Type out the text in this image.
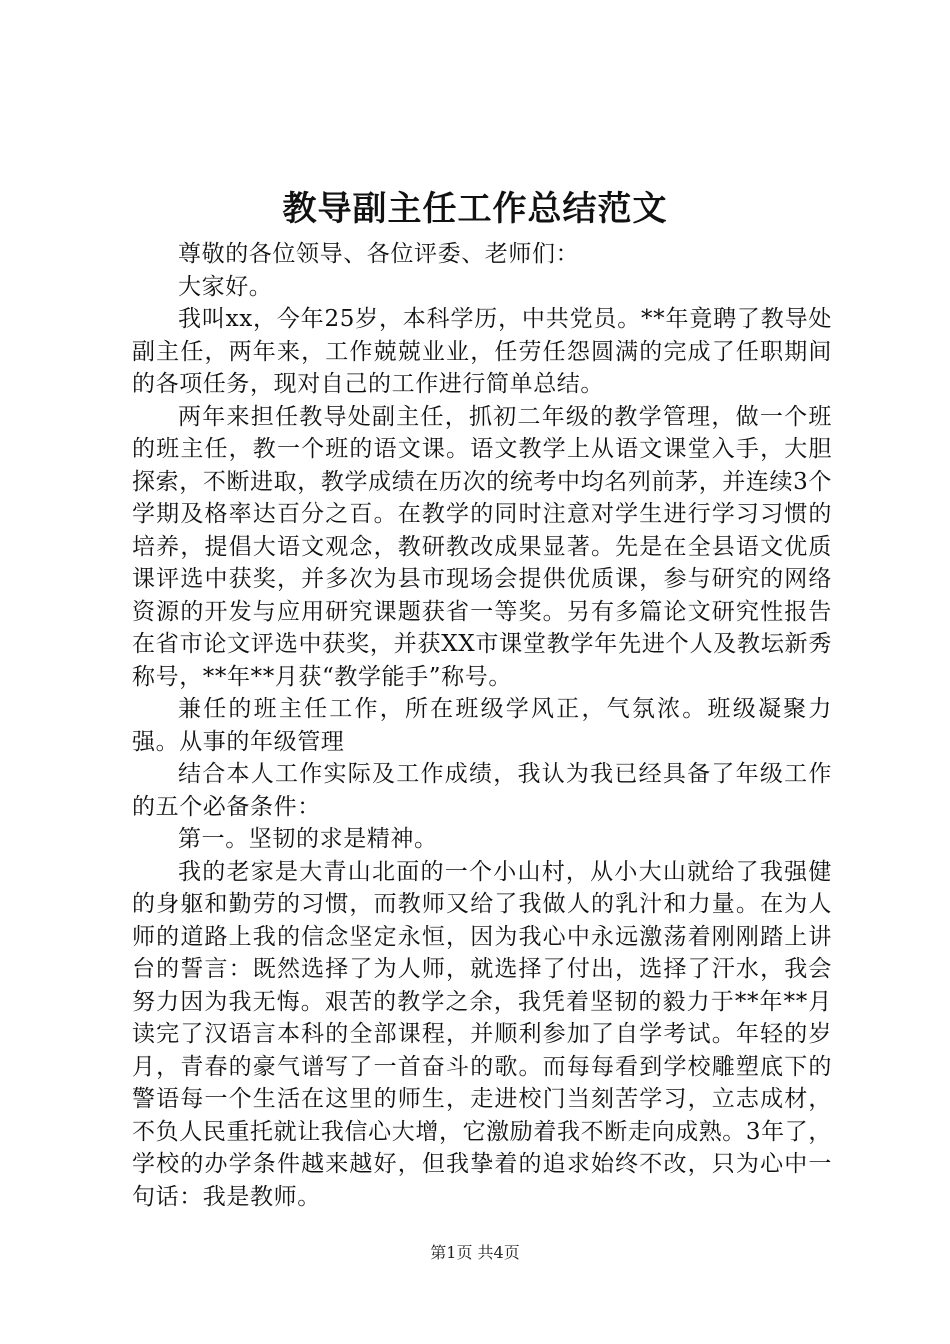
教导副主任工作总结范文

尊敬的各位领导、各位评委、老师们：

大家好。

我叫xx，今年25岁，本科学历，中共党员。**年竟聘了教导处副主任，两年来，工作兢兢业业，任劳任怨圆满的完成了任职期间的各项任务，现对自己的工作进行简单总结。

两年来担任教导处副主任，抓初二年级的教学管理，做一个班的班主任，教一个班的语文课。语文教学上从语文课堂入手，大胆探索，不断进取，教学成绩在历次的统考中均名列前茅，并连续3个学期及格率达百分之百。在教学的同时注意对学生进行学习习惯的培养，提倡大语文观念，教研教改成果显著。先是在全县语文优质课评选中获奖，并多次为县市现场会提供优质课，参与研究的网络资源的开发与应用研究课题获省一等奖。另有多篇论文研究性报告在省市论文评选中获奖，并获XX市课堂教学年先进个人及教坛新秀称号，**年**月获“教学能手”称号。

兼任的班主任工作，所在班级学风正，气氛浓。班级凝聚力强。从事的年级管理

结合本人工作实际及工作成绩，我认为我已经具备了年级工作的五个必备条件：

第一。坚韧的求是精神。

我的老家是大青山北面的一个小山村，从小大山就给了我强健的身躯和勤劳的习惯，而教师又给了我做人的乳汁和力量。在为人师的道路上我的信念坚定永恒，因为我心中永远激荡着刚刚踏上讲台的誓言：既然选择了为人师，就选择了付出，选择了汗水，我会努力因为我无悔。艰苦的教学之余，我凭着坚韧的毅力于**年**月读完了汉语言本科的全部课程，并顺利参加了自学考试。年轻的岁月，青春的豪气谱写了一首奋斗的歌。而每每看到学校雕塑底下的警语每一个生活在这里的师生，走进校门当刻苦学习，立志成材，不负人民重托就让我信心大增，它激励着我不断走向成熟。3年了，学校的办学条件越来越好，但我挚着的追求始终不改，只为心中一句话：我是教师。

第1页 共4页
